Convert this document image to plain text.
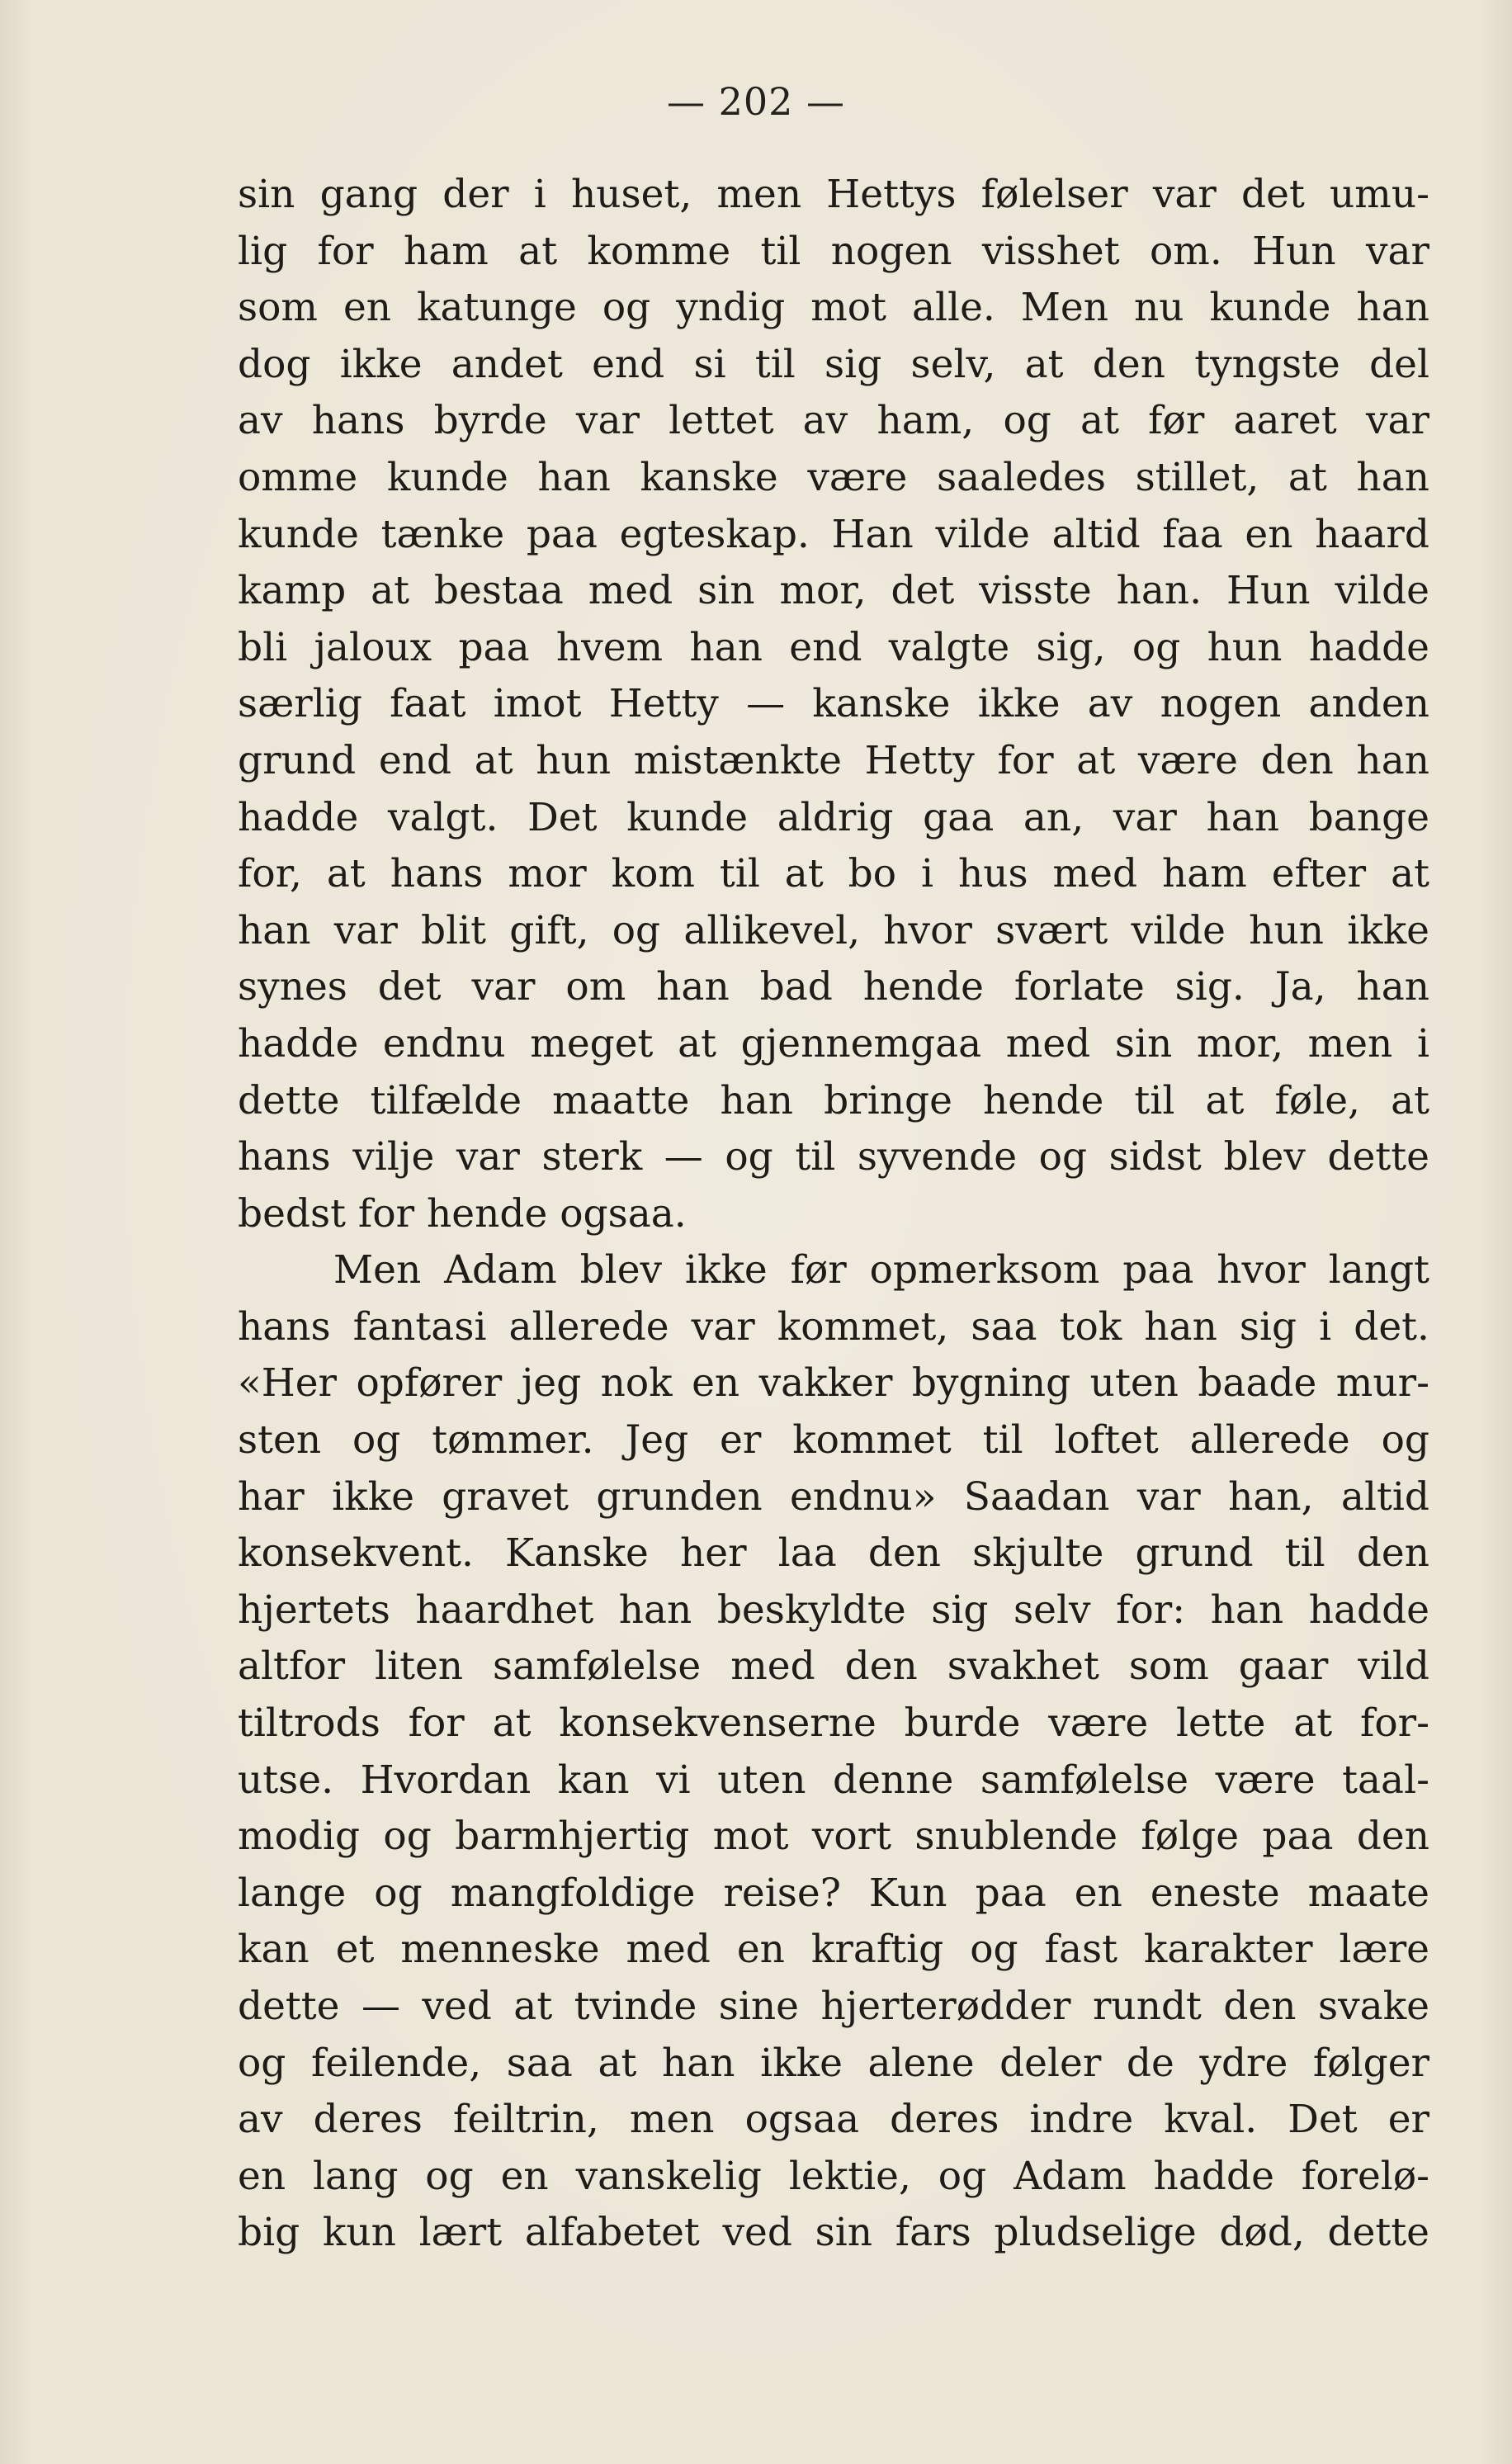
— 202 —
sin gang der i huset, men Hettys følelser var det umu-
lig for ham at komme til nogen visshet om. Hun var
som en katunge og yndig mot alle. Men nu kunde han
dog ikke andet end si til sig selv, at den tyngste del
av hans byrde var lettet av ham, og at før aaret var
omme kunde han kanske være saaledes stillet, at han
kunde tænke paa egteskap. Han vilde altid faa en haard
kamp at bestaa med sin mor, det visste han. Hun vilde
bli jaloux paa hvem han end valgte sig, og hun hadde
særlig faat imot Hetty — kanske ikke av nogen anden
grund end at hun mistænkte Hetty for at være den han
hadde valgt. Det kunde aldrig gaa an, var han bange
for, at hans mor kom til at bo i hus med ham efter at
han var blit gift, og allikevel, hvor svært vilde hun ikke
synes det var om han bad hende forlate sig. Ja, han
hadde endnu meget at gjennemgaa med sin mor, men i
dette tilfælde maatte han bringe hende til at føle, at
hans vilje var sterk — og til syvende og sidst blev dette
bedst for hende ogsaa.
Men Adam blev ikke før opmerksom paa hvor langt
hans fantasi allerede var kommet, saa tok han sig i det.
«Her opfører jeg nok en vakker bygning uten baade mur-
sten og tømmer. Jeg er kommet til loftet allerede og
har ikke gravet grunden endnu» Saadan var han, altid
konsekvent. Kanske her laa den skjulte grund til den
hjertets haardhet han beskyldte sig selv for: han hadde
altfor liten samfølelse med den svakhet som gaar vild
tiltrods for at konsekvenserne burde være lette at for-
utse. Hvordan kan vi uten denne samfølelse være taal-
modig og barmhjertig mot vort snublende følge paa den
lange og mangfoldige reise? Kun paa en eneste maate
kan et menneske med en kraftig og fast karakter lære
dette — ved at tvinde sine hjerterødder rundt den svake
og feilende, saa at han ikke alene deler de ydre følger
av deres feiltrin, men ogsaa deres indre kval. Det er
en lang og en vanskelig lektie, og Adam hadde forelø-
big kun lært alfabetet ved sin fars pludselige død, dette
